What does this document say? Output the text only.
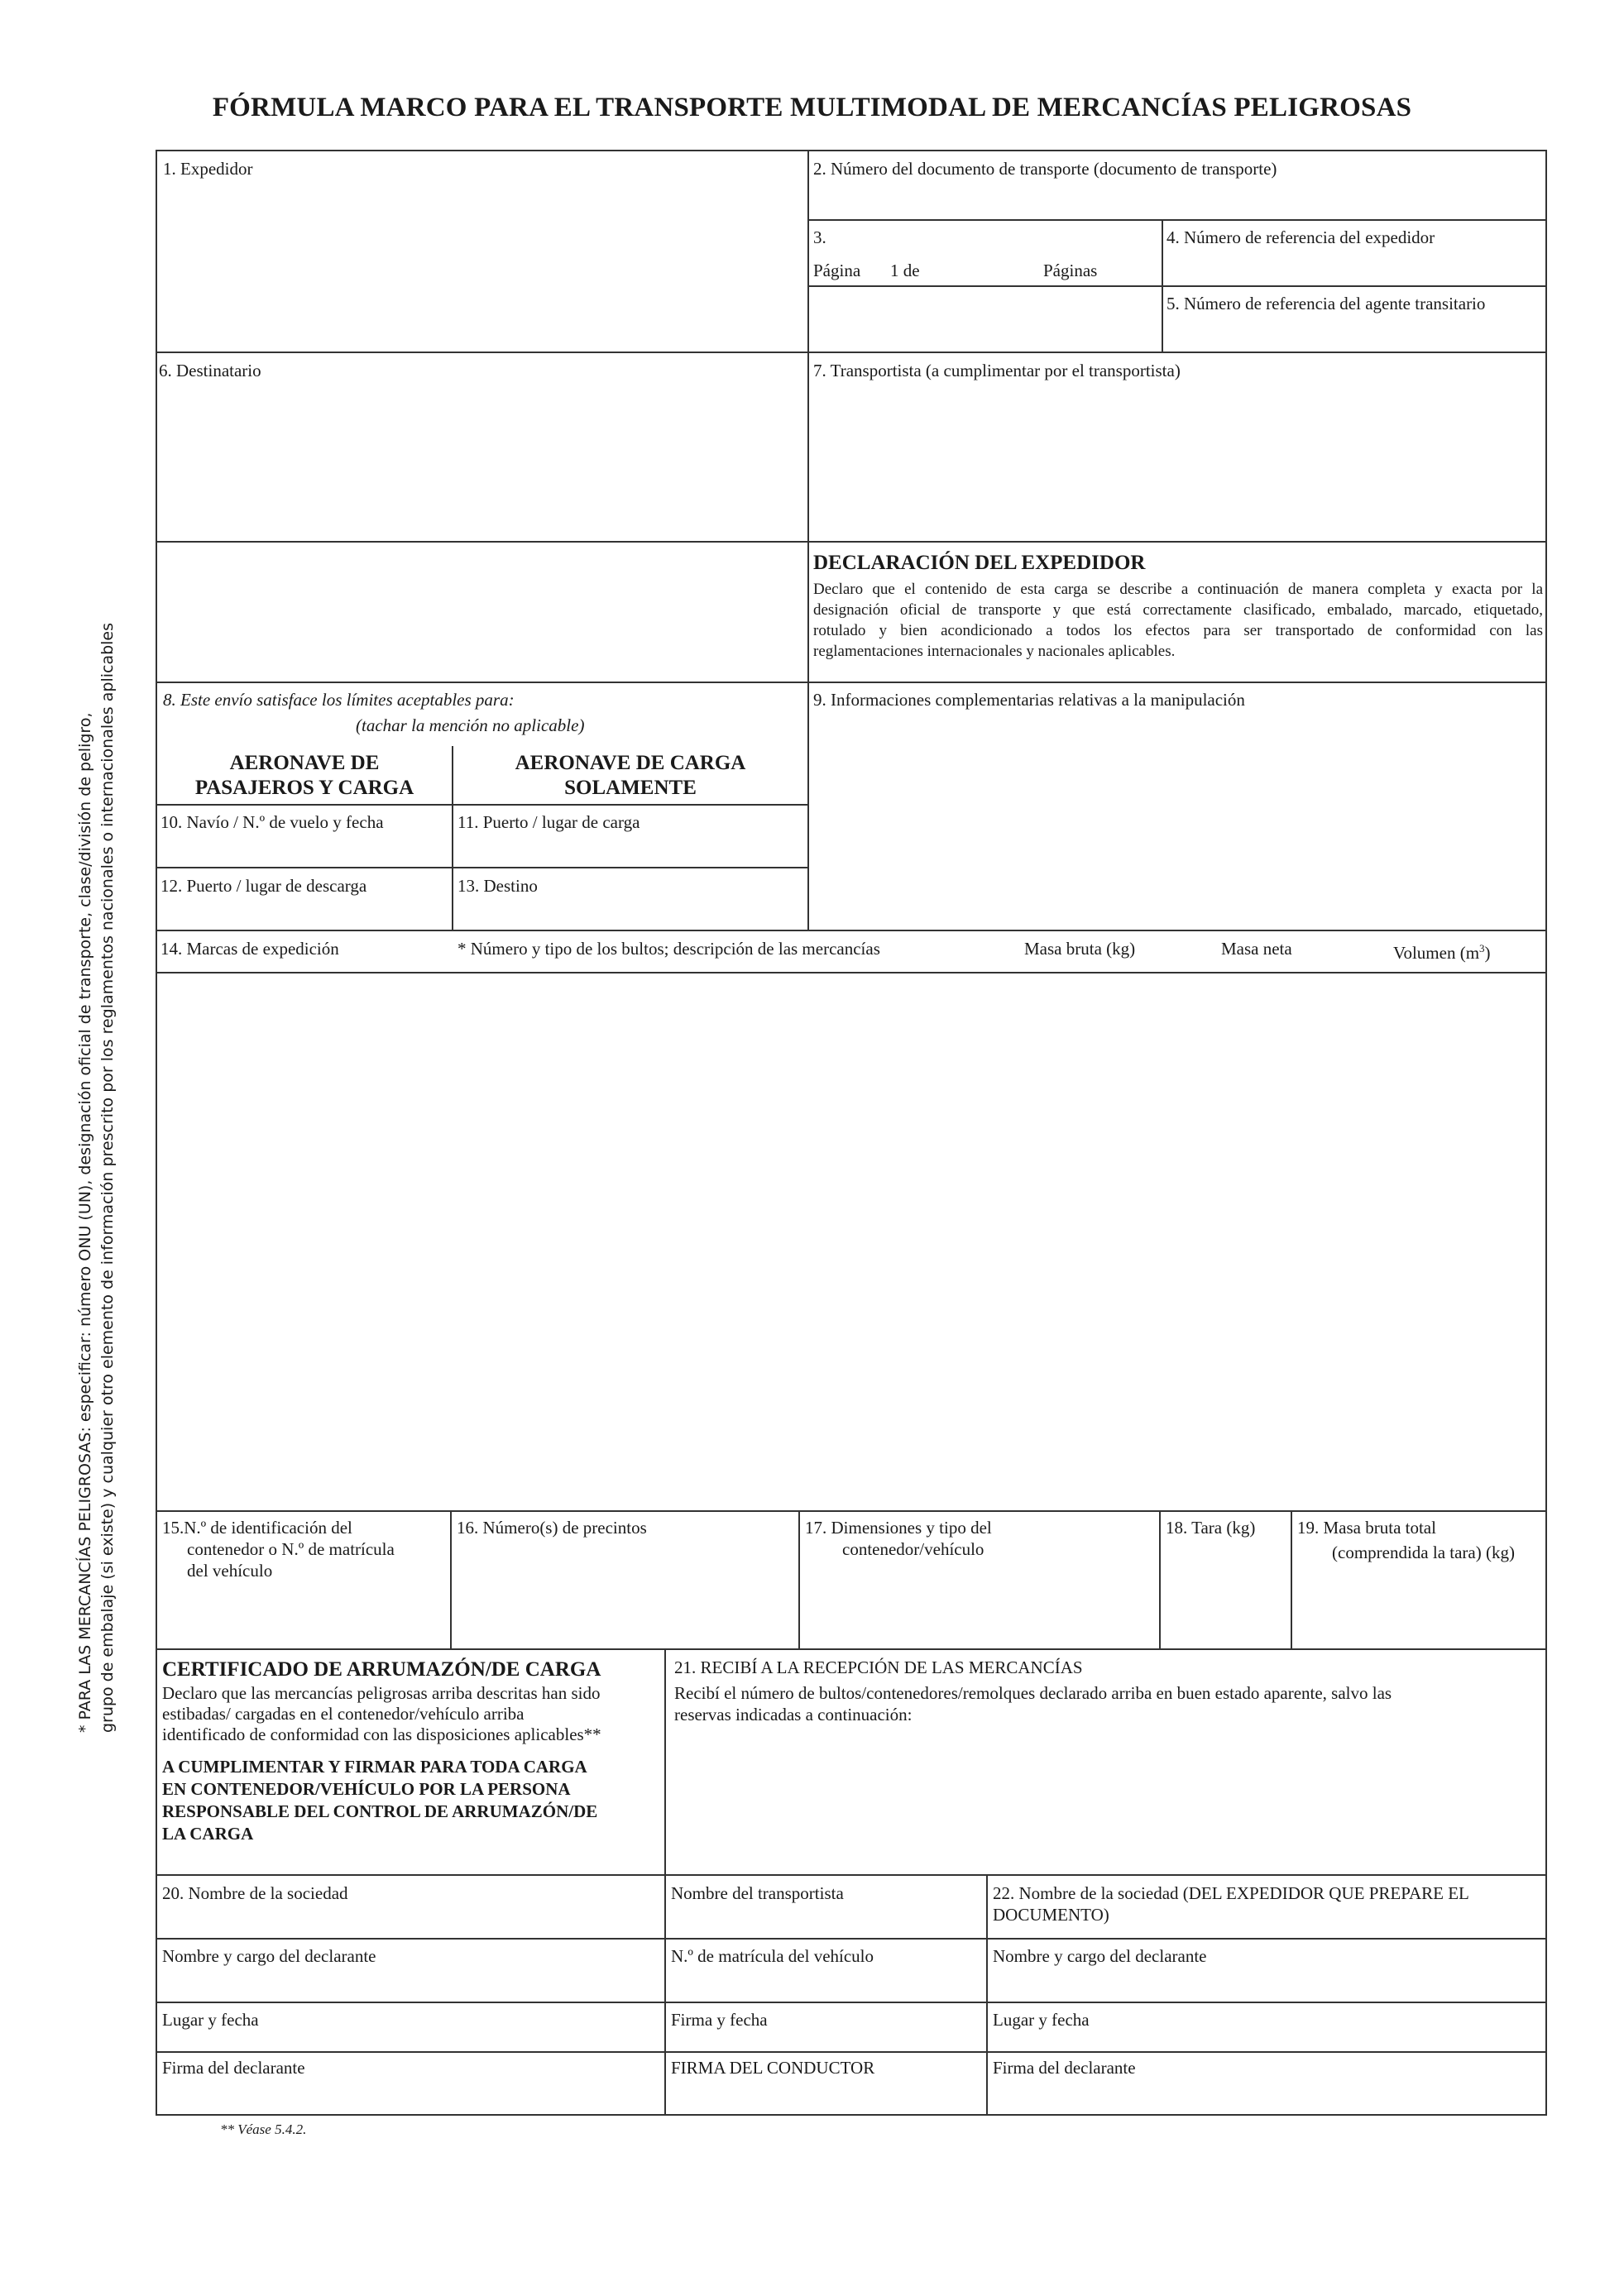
FÓRMULA MARCO PARA EL TRANSPORTE MULTIMODAL DE MERCANCÍAS PELIGROSAS
* PARA LAS MERCANCÍAS PELIGROSAS: especificar: número ONU (UN), designación oficial de transporte, clase/división de peligro, grupo de embalaje (si existe) y cualquier otro elemento de información prescrito por los reglamentos nacionales o internacionales aplicables
1. Expedidor	2. Número del documento de transporte (documento de transporte)
3.
Página 1 de	Páginas
4. Número de referencia del expedidor
5. Número de referencia del agente transitario
6. Destinatario	7. Transportista (a cumplimentar por el transportista)
DECLARACIÓN DEL EXPEDIDOR
Declaro que el contenido de esta carga se describe a continuación de manera completa y exacta por la
designación oficial de transporte y que está correctamente clasificado, embalado, marcado, etiquetado,
rotulado y bien acondicionado a todos los efectos para ser transportado de conformidad con las
reglamentaciones internacionales y nacionales aplicables.
8. Este envío satisface los límites aceptables para:
(tachar la mención no aplicable)
AERONAVE DE
PASAJEROS Y CARGA
AERONAVE DE CARGA
SOLAMENTE
9. Informaciones complementarias relativas a la manipulación
10. Navío / N.º de vuelo y fecha	11. Puerto / lugar de carga
12. Puerto / lugar de descarga	13. Destino
14. Marcas de expedición	* Número y tipo de los bultos; descripción de las mercancías	Masa bruta (kg)	Masa neta	Volumen $(m^3)$
15.N.º de identificación del
contenedor o N.º de matrícula
del vehículo
16. Número(s) de precintos	17. Dimensiones y tipo del
contenedor/vehículo
18. Tara (kg) 19. Masa bruta total
(comprendida la tara) (kg)
CERTIFICADO DE ARRUMAZÓN/DE CARGA
Declaro que las mercancías peligrosas arriba descritas han sido
estibadas/ cargadas en el contenedor/vehículo arriba
identificado de conformidad con las disposiciones aplicables**
A CUMPLIMENTAR Y FIRMAR PARA TODA CARGA
EN CONTENEDOR/VEHÍCULO POR LA PERSONA
RESPONSABLE DEL CONTROL DE ARRUMAZÓN/DE
LA CARGA
21. RECIBÍ A LA RECEPCIÓN DE LAS MERCANCÍAS
Recibí el número de bultos/contenedores/remolques declarado arriba en buen estado aparente, salvo las
reservas indicadas a continuación:
20. Nombre de la sociedad	Nombre del transportista	22. Nombre de la sociedad (DEL EXPEDIDOR QUE PREPARE EL
DOCUMENTO)
Nombre y cargo del declarante	N.º de matrícula del vehículo	Nombre y cargo del declarante
Lugar y fecha	Firma y fecha	Lugar y fecha
Firma del declarante	FIRMA DEL CONDUCTOR	Firma del declarante
** Véase 5.4.2.
